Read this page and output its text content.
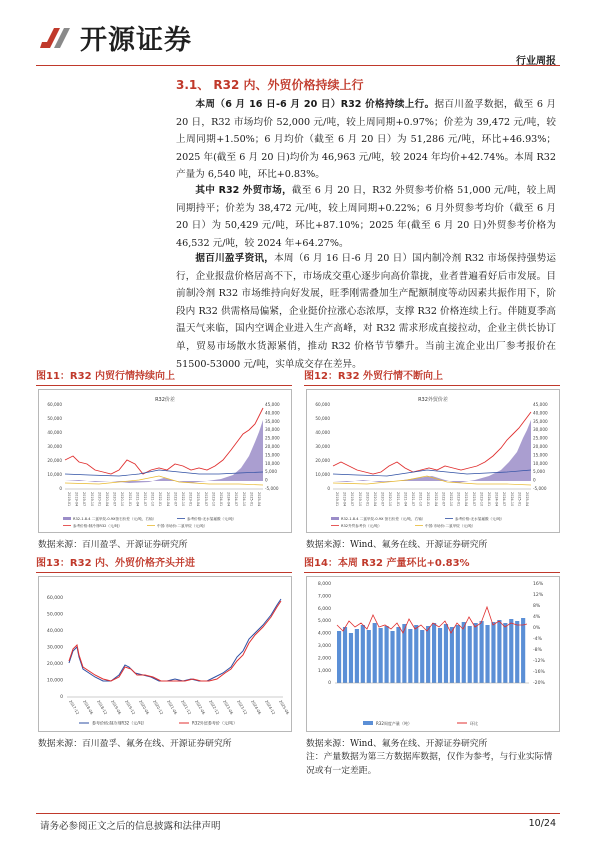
开源证券
行业周报
3.1、 R32 内、外贸价格持续上行
  本周（6 月 16 日-6 月 20 日）R32 价格持续上行。据百川盈孚数据，截至 6 月 20 日，R32 市场均价 52,000 元/吨，较上周同期+0.97%；价差为 39,472 元/吨，较上周同期+1.50%；6 月均价（截至 6 月 20 日）为 51,286 元/吨，环比+46.93%；2025 年(截至 6 月 20 日)均价为 46,963 元/吨，较 2024 年均价+42.74%。本周 R32 产量为 6,540 吨，环比+0.83%。
  其中 R32 外贸市场，截至 6 月 20 日，R32 外贸参考价格 51,000 元/吨，较上周同期持平；价差为 38,472 元/吨，较上周同期+0.22%；6 月外贸参考均价（截至 6 月 20 日）为 50,429 元/吨，环比+87.10%；2025 年(截至 6 月 20 日)外贸参考价格为 46,532 元/吨，较 2024 年+64.27%。
  据百川盈孚资讯，本周（6 月 16 日-6 月 20 日）国内制冷剂 R32 市场保持强势运行，企业报盘价格居高不下，市场成交重心逐步向高价靠拢，业者普遍看好后市发展。目前制冷剂 R32 市场维持向好发展，旺季刚需叠加生产配额制度等动因素共振作用下，阶段内 R32 供需格局偏紧，企业挺价拉涨心态浓厚，支撑 R32 价格连续上行。伴随夏季高温天气来临，国内空调企业进入生产高峰，对 R32 需求形成直接拉动，企业主供长协订单，贸易市场散水货源紧俏，推动 R32 价格节节攀升。当前主流企业出厂参考报价在 51500-53000 元/吨，实单成交存在差异。
图11：R32 内贸行情持续向上
R32价差
60,000
50,000
40,000
30,000
20,000
10,000
0
45,000
40,000
35,000
30,000
25,000
20,000
15,000
10,000
5,000
0
-5,000
2019-01 2019-04 2019-07 2019-10 2020-01 2020-04 2020-07 2020-10 2021-01 2021-04 2021-07 2021-10 2022-01 2022-04 2022-07 2022-10 2023-01 2023-04 2023-07 2023-10 2024-01 2024-04 2024-07 2024-10 2025-01 2025-04
R32-1.8.4 二氯甲烷-0.9X萤石价差（元/吨，右轴）	参考价格:无水氢氟酸（元/吨）
参考价格:制冷剂R32（元/吨）	中国:市场价:二氯甲烷（元/吨）
数据来源：百川盈孚、开源证券研究所
图12：R32 外贸行情不断向上
R32外贸价差
60,000
50,000
40,000
30,000
20,000
10,000
0
45,000
40,000
35,000
30,000
25,000
20,000
15,000
10,000
5,000
0
-5,000
2019-01 2019-04 2019-07 2019-10 2020-01 2020-04 2020-07 2020-10 2021-01 2021-04 2021-07 2021-10 2022-01 2022-04 2022-07 2022-10 2023-01 2023-04 2023-07 2023-10 2024-01 2024-04 2024-07 2024-10 2025-01 2025-04
R32-1.8.4 二氯甲烷-0.9X 萤石价差（元/吨，右轴）	参考价格:无水氢氟酸（元/吨）
R32外贸参考价（元/吨）	中国:市场价:二氯甲烷（元/吨）
数据来源：Wind、氟务在线、开源证券研究所
图13：R32 内、外贸价格齐头并进
60,000
50,000
40,000
30,000
20,000
10,000
0
2017-12 2018-06 2018-12 2019-06 2019-12 2020-06 2020-12 2021-06 2021-12 2022-06 2022-12 2023-06 2023-12 2024-06 2024-12 2025-06
参考价格:制冷剂R32（元/吨）	R32外贸参考价（元/吨）
数据来源：百川盈孚、氟务在线、开源证券研究所
图14：本周 R32 产量环比+0.83%
8,000
7,000
6,000
5,000
4,000
3,000
2,000
1,000
0
16%
12%
8%
4%
0%
-4%
-8%
-12%
-16%
-20%
R32周度产量（吨）	环比
数据来源：Wind、氟务在线、开源证券研究所
注：产量数据为第三方数据库数据，仅作为参考，与行业实际情况或有一定差距。
请务必参阅正文之后的信息披露和法律声明	10/24
